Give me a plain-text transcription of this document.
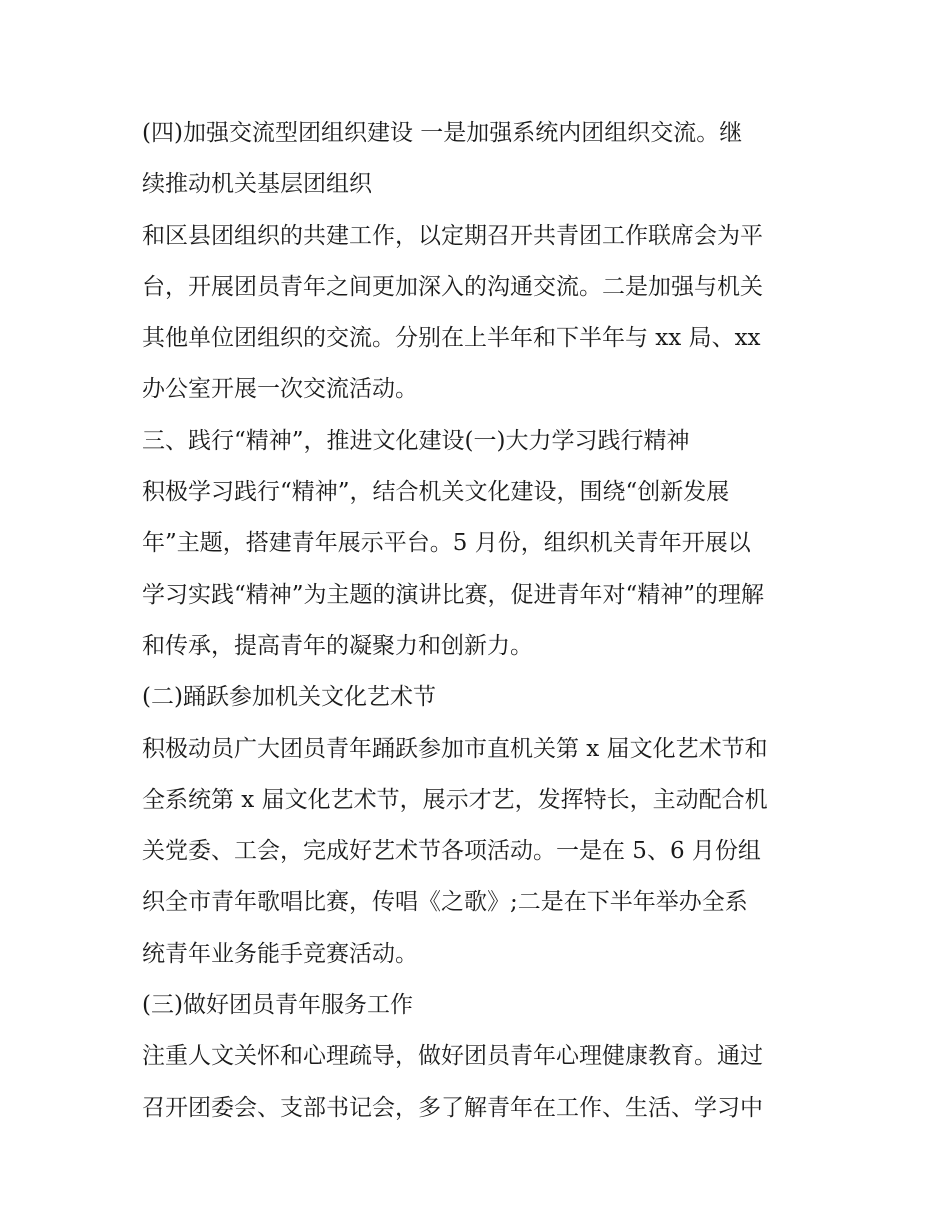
(四)加强交流型团组织建设 一是加强系统内团组织交流。继
续推动机关基层团组织
和区县团组织的共建工作，以定期召开共青团工作联席会为平
台，开展团员青年之间更加深入的沟通交流。二是加强与机关
其他单位团组织的交流。分别在上半年和下半年与 xx 局、xx
办公室开展一次交流活动。
三、践行“精神”，推进文化建设(一)大力学习践行精神
积极学习践行“精神”，结合机关文化建设，围绕“创新发展
年”主题，搭建青年展示平台。5 月份，组织机关青年开展以
学习实践“精神”为主题的演讲比赛，促进青年对“精神”的理解
和传承，提高青年的凝聚力和创新力。
(二)踊跃参加机关文化艺术节
积极动员广大团员青年踊跃参加市直机关第 x 届文化艺术节和
全系统第 x 届文化艺术节，展示才艺，发挥特长，主动配合机
关党委、工会，完成好艺术节各项活动。一是在 5、6 月份组
织全市青年歌唱比赛，传唱《之歌》;二是在下半年举办全系
统青年业务能手竞赛活动。
(三)做好团员青年服务工作
注重人文关怀和心理疏导，做好团员青年心理健康教育。通过
召开团委会、支部书记会，多了解青年在工作、生活、学习中
